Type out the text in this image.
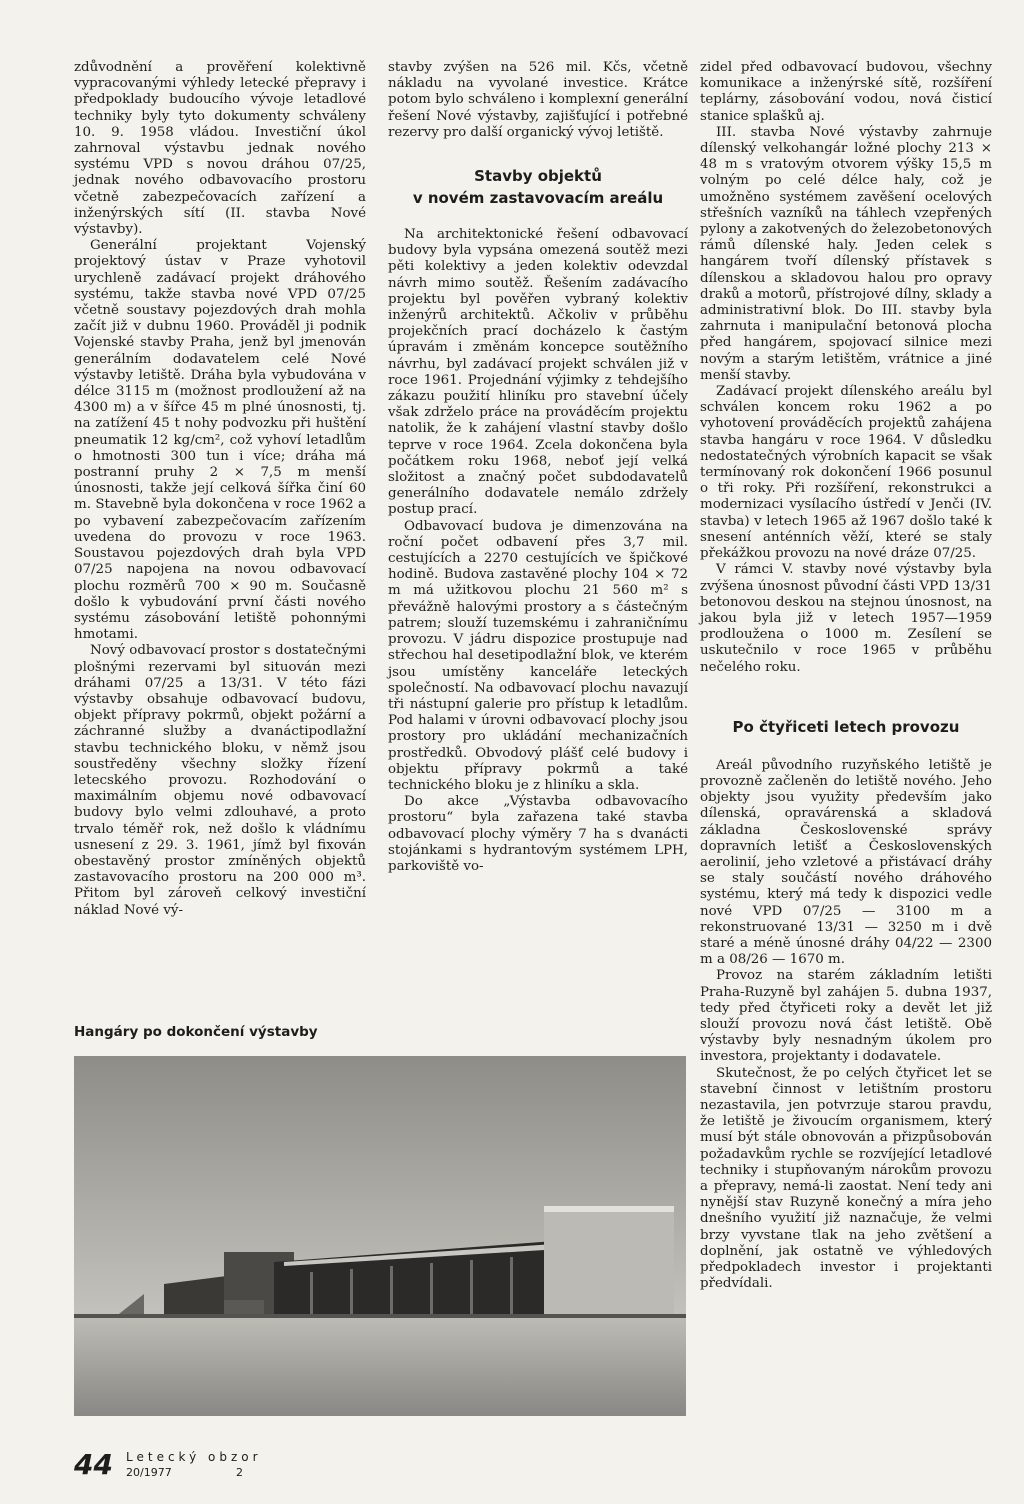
zdůvodnění a prověření kolektivně vypracovanými výhledy letecké přepravy i předpoklady budoucího vývoje letadlové techniky byly tyto dokumenty schváleny 10. 9. 1958 vládou. Investiční úkol zahrnoval výstavbu jednak nového systému VPD s novou dráhou 07/25, jednak nového odbavovacího prostoru včetně zabezpečovacích zařízení a inženýrských sítí (II. stavba Nové výstavby).

Generální projektant Vojenský projektový ústav v Praze vyhotovil urychleně zadávací projekt dráhového systému, takže stavba nové VPD 07/25 včetně soustavy pojezdových drah mohla začít již v dubnu 1960. Prováděl ji podnik Vojenské stavby Praha, jenž byl jmenován generálním dodavatelem celé Nové výstavby letiště. Dráha byla vybudována v délce 3115 m (možnost prodloužení až na 4300 m) a v šířce 45 m plné únosnosti, tj. na zatížení 45 t nohy podvozku při huštění pneumatik 12 kg/cm², což vyhoví letadlům o hmotnosti 300 tun i více; dráha má postranní pruhy 2 × 7,5 m menší únosnosti, takže její celková šířka činí 60 m. Stavebně byla dokončena v roce 1962 a po vybavení zabezpečovacím zařízením uvedena do provozu v roce 1963. Soustavou pojezdových drah byla VPD 07/25 napojena na novou odbavovací plochu rozměrů 700 × 90 m. Současně došlo k vybudování první části nového systému zásobování letiště pohonnými hmotami.

Nový odbavovací prostor s dostatečnými plošnými rezervami byl situován mezi dráhami 07/25 a 13/31. V této fázi výstavby obsahuje odbavovací budovu, objekt přípravy pokrmů, objekt požární a záchranné služby a dvanáctipodlažní stavbu technického bloku, v němž jsou soustředěny všechny složky řízení letecského provozu. Rozhodování o maximálním objemu nové odbavovací budovy bylo velmi zdlouhavé, a proto trvalo téměř rok, než došlo k vládnímu usnesení z 29. 3. 1961, jímž byl fixován obestavěný prostor zmíněných objektů zastavovacího prostoru na 200 000 m³. Přitom byl zároveň celkový investiční náklad Nové vý-

stavby zvýšen na 526 mil. Kčs, včetně nákladu na vyvolané investice. Krátce potom bylo schváleno i komplexní generální řešení Nové výstavby, zajišťující i potřebné rezervy pro další organický vývoj letiště.

Stavby objektů
v novém zastavovacím areálu

Na architektonické řešení odbavovací budovy byla vypsána omezená soutěž mezi pěti kolektivy a jeden kolektiv odevzdal návrh mimo soutěž. Řešením zadávacího projektu byl pověřen vybraný kolektiv inženýrů architektů. Ačkoliv v průběhu projekčních prací docházelo k častým úpravám i změnám koncepce soutěžního návrhu, byl zadávací projekt schválen již v roce 1961. Projednání výjimky z tehdejšího zákazu použití hliníku pro stavební účely však zdrželo práce na prováděcím projektu natolik, že k zahájení vlastní stavby došlo teprve v roce 1964. Zcela dokončena byla počátkem roku 1968, neboť její velká složitost a značný počet subdodavatelů generálního dodavatele nemálo zdržely postup prací.

Odbavovací budova je dimenzována na roční počet odbavení přes 3,7 mil. cestujících a 2270 cestujících ve špičkové hodině. Budova zastavěné plochy 104 × 72 m má užitkovou plochu 21 560 m² s převážně halovými prostory a s částečným patrem; slouží tuzemskému i zahraničnímu provozu. V jádru dispozice prostupuje nad střechou hal desetipodlažní blok, ve kterém jsou umístěny kanceláře leteckých společností. Na odbavovací plochu navazují tři nástupní galerie pro přístup k letadlům. Pod halami v úrovni odbavovací plochy jsou prostory pro ukládání mechanizačních prostředků. Obvodový plášť celé budovy i objektu přípravy pokrmů a také technického bloku je z hliníku a skla.

Do akce „Výstavba odbavovacího prostoru“ byla zařazena také stavba odbavovací plochy výměry 7 ha s dvanácti stojánkami s hydrantovým systémem LPH, parkoviště vo-

zidel před odbavovací budovou, všechny komunikace a inženýrské sítě, rozšíření teplárny, zásobování vodou, nová čisticí stanice splašků aj.

III. stavba Nové výstavby zahrnuje dílenský velkohangár ložné plochy 213 × 48 m s vratovým otvorem výšky 15,5 m volným po celé délce haly, což je umožněno systémem zavěšení ocelových střešních vazníků na táhlech vzepřených pylony a zakotvených do železobetonových rámů dílenské haly. Jeden celek s hangárem tvoří dílenský přístavek s dílenskou a skladovou halou pro opravy draků a motorů, přístrojové dílny, sklady a administrativní blok. Do III. stavby byla zahrnuta i manipulační betonová plocha před hangárem, spojovací silnice mezi novým a starým letištěm, vrátnice a jiné menší stavby.

Zadávací projekt dílenského areálu byl schválen koncem roku 1962 a po vyhotovení prováděcích projektů zahájena stavba hangáru v roce 1964. V důsledku nedostatečných výrobních kapacit se však termínovaný rok dokončení 1966 posunul o tři roky. Při rozšíření, rekonstrukci a modernizaci vysílacího ústředí v Jenči (IV. stavba) v letech 1965 až 1967 došlo také k snesení anténních věží, které se staly překážkou provozu na nové dráze 07/25.

V rámci V. stavby nové výstavby byla zvýšena únosnost původní části VPD 13/31 betonovou deskou na stejnou únosnost, na jakou byla již v letech 1957—1959 prodloužena o 1000 m. Zesílení se uskutečnilo v roce 1965 v průběhu nečelého roku.

Po čtyřiceti letech provozu

Areál původního ruzyňského letiště je provozně začleněn do letiště nového. Jeho objekty jsou využity především jako dílenská, opravárenská a skladová základna Československé správy dopravních letišť a Československých aerolinií, jeho vzletové a přistávací dráhy se staly součástí nového dráhového systému, který má tedy k dispozici vedle nové VPD 07/25 — 3100 m a rekonstruované 13/31 — 3250 m i dvě staré a méně únosné dráhy 04/22 — 2300 m a 08/26 — 1670 m.

Provoz na starém základním letišti Praha-Ruzyně byl zahájen 5. dubna 1937, tedy před čtyřiceti roky a devět let již slouží provozu nová část letiště. Obě výstavby byly nesnadným úkolem pro investora, projektanty i dodavatele.

Skutečnost, že po celých čtyřicet let se stavební činnost v letištním prostoru nezastavila, jen potvrzuje starou pravdu, že letiště je živoucím organismem, který musí být stále obnovován a přizpůsobován požadavkům rychle se rozvíjející letadlové techniky i stupňovaným nárokům provozu a přepravy, nemá-li zaostat. Není tedy ani nynější stav Ruzyně konečný a míra jeho dnešního využití již naznačuje, že velmi brzy vyvstane tlak na jeho zvětšení a doplnění, jak ostatně ve výhledových předpokladech investor i projektanti předvídali.

Hangáry po dokončení výstavby
44 Letecký obzor
20/1977	2
